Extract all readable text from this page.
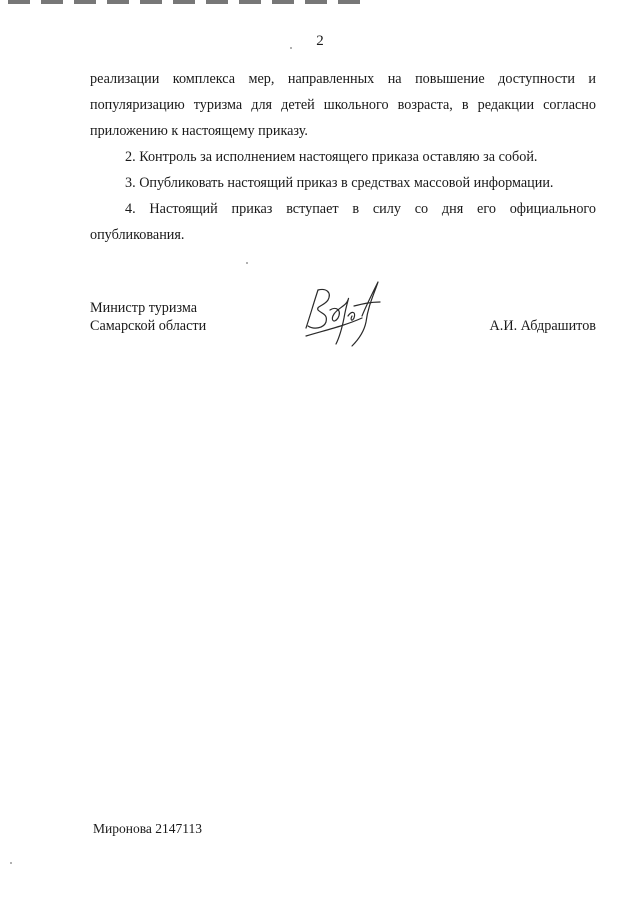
2

реализации комплекса мер, направленных на повышение доступности и популяризацию туризма для детей школьного возраста, в редакции согласно приложению к настоящему приказу.

2. Контроль за исполнением настоящего приказа оставляю за собой.

3. Опубликовать настоящий приказ в средствах массовой информации.

4. Настоящий приказ вступает в силу со дня его официального опубликования.

Министр туризма
Самарской области	А.И. Абдрашитов
Миронова 2147113
